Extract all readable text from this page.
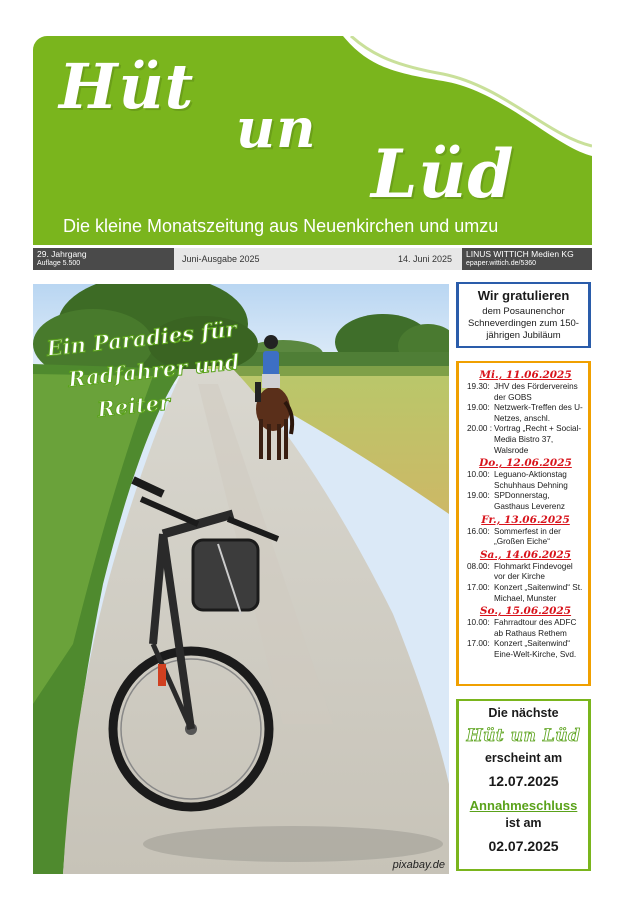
Hüt
un
Lüd
Die kleine Monatszeitung aus Neuenkirchen und umzu
29. Jahrgang
Auflage 5.500	Juni-Ausgabe 2025	14. Juni 2025 LINUS WITTICH Medien KG
epaper.wittich.de/5360
Ein Paradies für
Radfahrer und
Reiter
pixabay.de
Wir gratulieren
dem Posaunenchor Schneverdingen zum 150-jährigen Jubiläum
Mi., 11.06.2025
19.30: JHV des Fördervereins der GOBS
19.00: Netzwerk-Treffen des U-Netzes, anschl.
20.00 : Vortrag „Recht + Social-Media Bistro 37, Walsrode
Do., 12.06.2025
10.00: Leguano-Aktionstag Schuhhaus Dehning
19.00: SPDonnerstag, Gasthaus Leverenz
Fr., 13.06.2025
16.00: Sommerfest in der „Großen Eiche“
Sa., 14.06.2025
08.00: Flohmarkt Findevogel vor der Kirche
17.00: Konzert „Saitenwind“ St. Michael, Munster
So., 15.06.2025
10.00: Fahrradtour des ADFC ab Rathaus Rethem
17.00: Konzert „Saitenwind“ Eine-Welt-Kirche, Svd.
Die nächste
Hüt un Lüd
erscheint am
12.07.2025
Annahmeschluss
ist am
02.07.2025
